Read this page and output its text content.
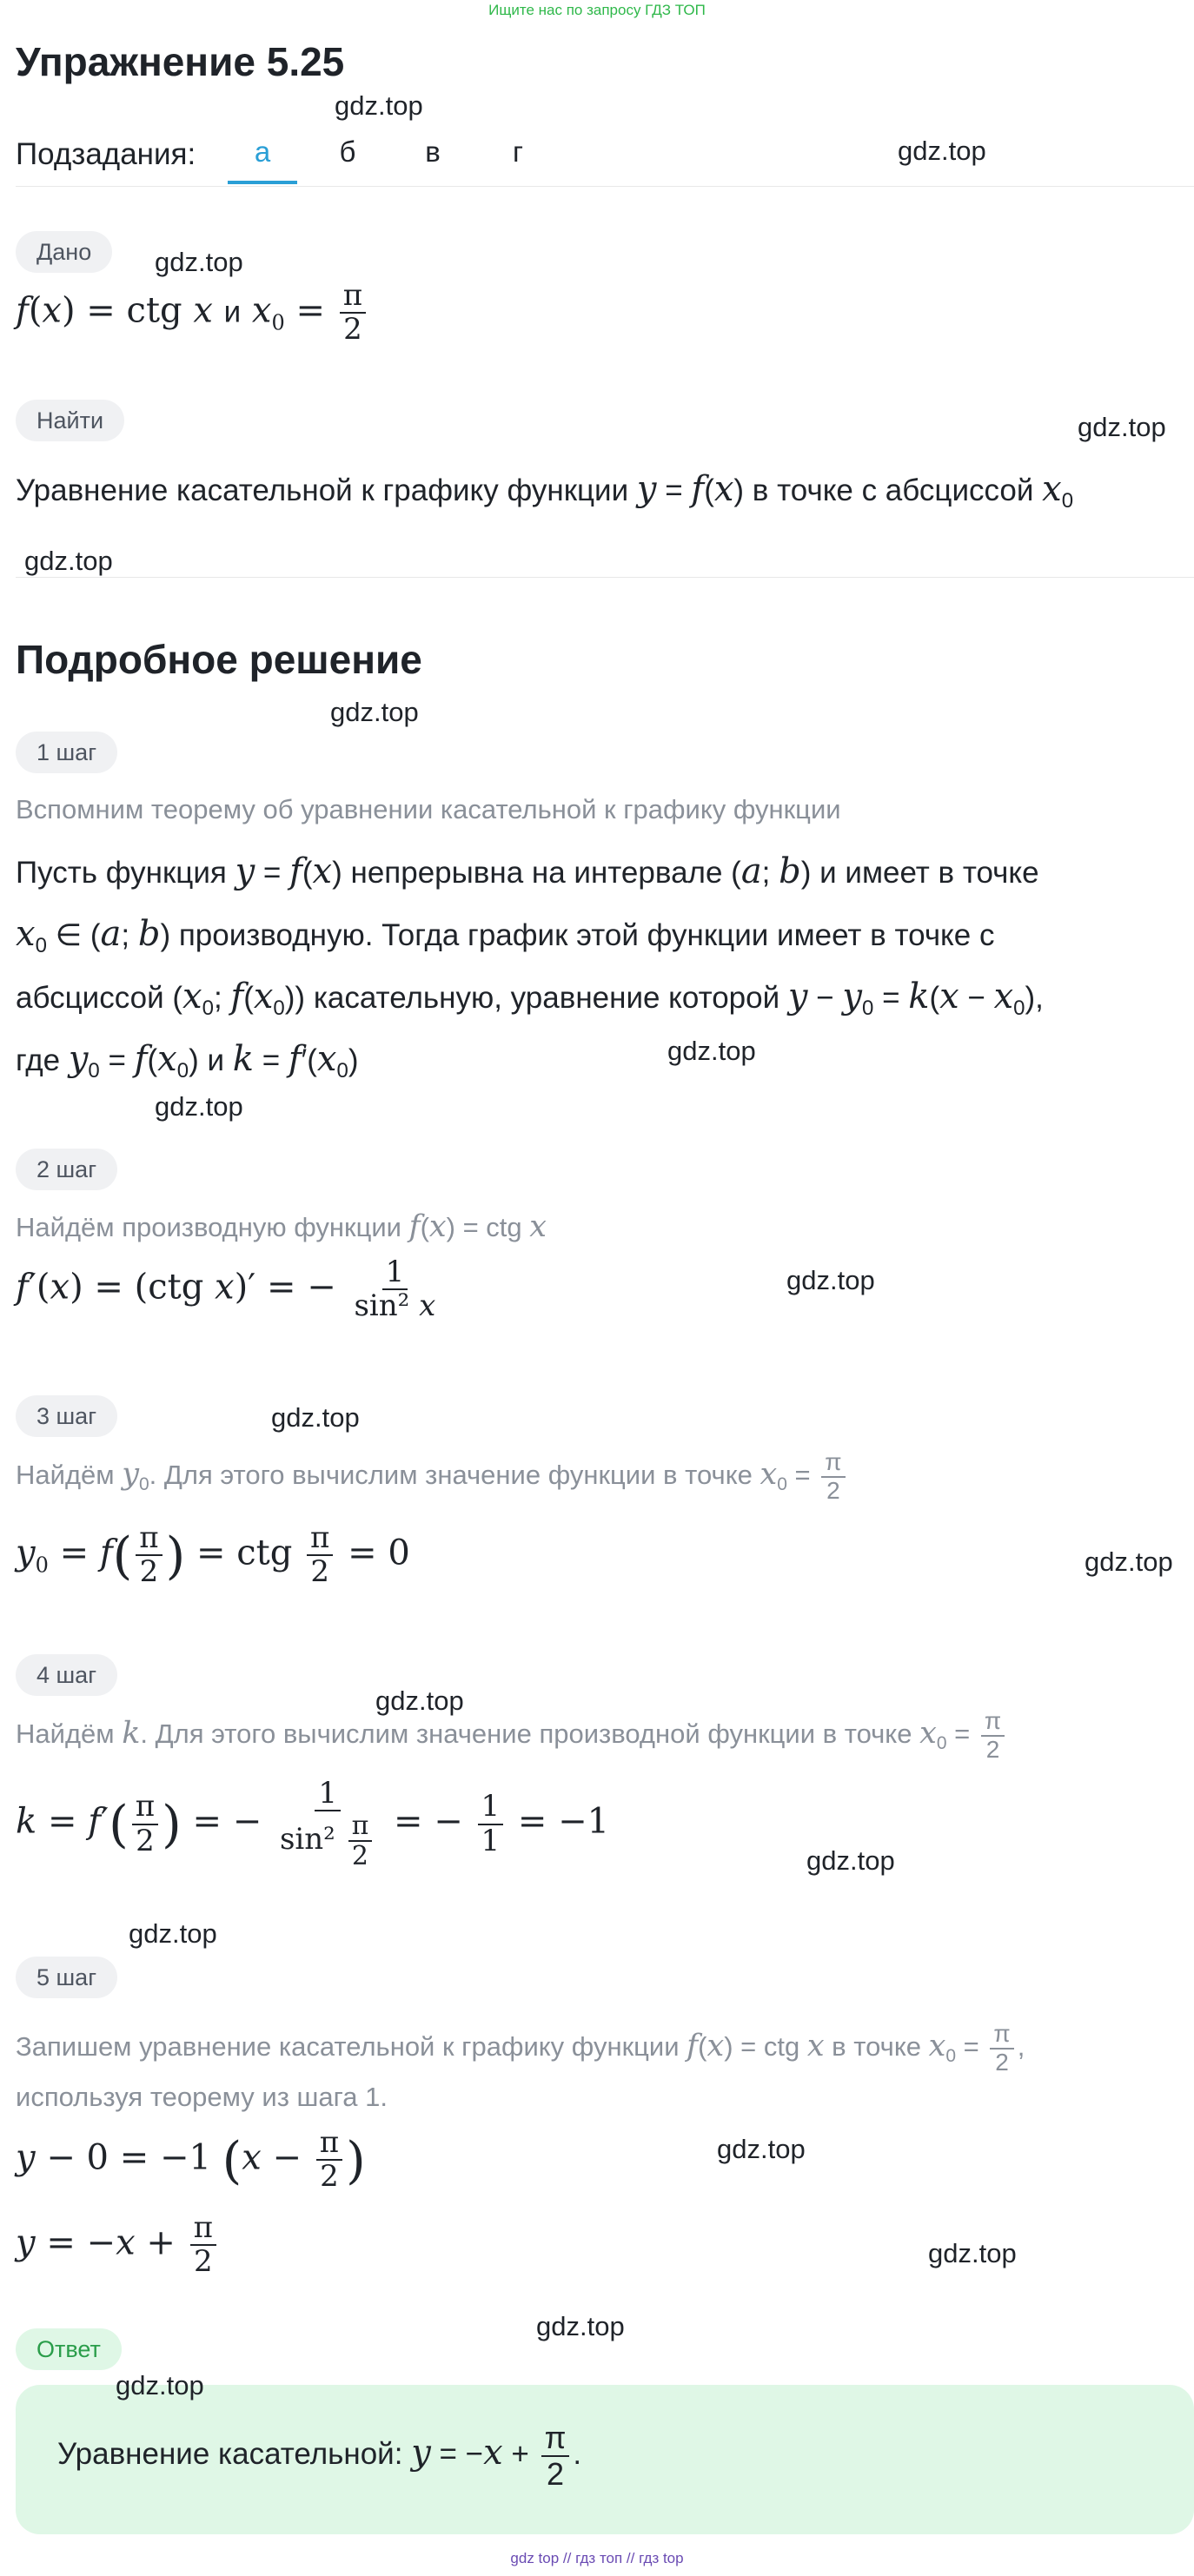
Ищите нас по запросу ГДЗ ТОП
Упражнение 5.25
gdz.top
Подзадания:	а	б	в	г	gdz.top
Дано	gdz.top
f(x) = ctg x и $x_0 = \frac{\pi}{2}$
Найти	gdz.top
Уравнение касательной к графику функции y = f(x) в точке с абсциссой $x_0$
gdz.top
Подробное решение
gdz.top
1 шаг
Вспомним теорему об уравнении касательной к графику функции
Пусть функция y = f(x) непрерывна на интервале (a; b) и имеет в точке
$x_0$ ∈ (a; b) производную. Тогда график этой функции имеет в точке с
абсциссой ($x_0$; $f(x_0)$) касательную, уравнение которой $y - y_0 = k(x - x_0)$,
где $y_0 = f(x_0)$ и $k = f'(x_0)$	gdz.top
gdz.top
2 шаг
Найдём производную функции f(x) = ctg x
f′(x) = (ctg x)′ = − $\frac{1}{\text{sin² x}}$	gdz.top
3 шаг	gdz.top
Найдём $y_0$. Для этого вычислим значение функции в точке $x_0 = \frac{\pi}{2}$
$y_0 = f( \frac{\pi}{2}$ ) = ctg $\frac{\pi}{2} = 0$	gdz.top
4 шаг
gdz.top
Найдём k. Для этого вычислим значение производной функции в точке $x_0 = \frac{\pi}{2}$
$k = f'( \frac{\pi}{2}$ ) = − $\frac{1}{\sin^2 \frac{\pi}{2}}$ = − $\frac{1}{1} = -1$
gdz.top
gdz.top
5 шаг
Запишем уравнение касательной к графику функции f(x) = ctg x в точке $x_0 = \frac{\pi}{2}$ ,
используя теорему из шага 1.
y − 0 = −1 ($x - \frac{\pi}{2}$ )	gdz.top
$y = -x + \frac{\pi}{2}$	gdz.top
gdz.top
Ответ
gdz.top
Уравнение касательной: $y = -x + \frac{\pi}{2}$ .
gdz top // гдз топ // гдз top
